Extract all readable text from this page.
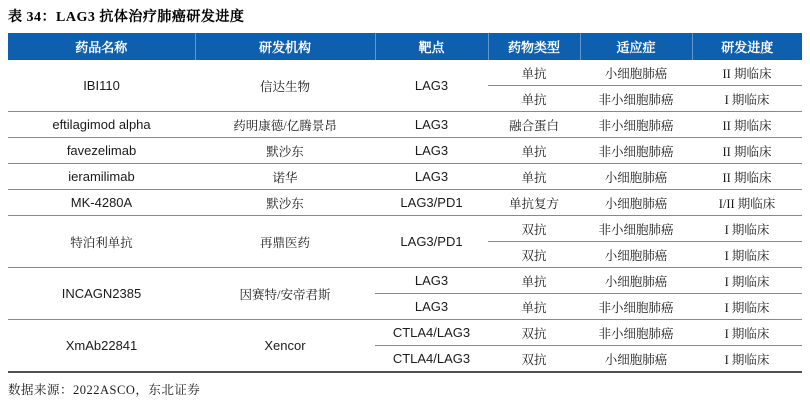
表 34：LAG3 抗体治疗肺癌研发进度
药品名称	研发机构	靶点	药物类型	适应症	研发进度
IBI110	信达生物	LAG3	单抗	小细胞肺癌	II 期临床
			单抗	非小细胞肺癌	I 期临床
eftilagimod alpha	药明康德/亿腾景昂	LAG3	融合蛋白	非小细胞肺癌	II 期临床
favezelimab	默沙东	LAG3	单抗	非小细胞肺癌	II 期临床
ieramilimab	诺华	LAG3	单抗	小细胞肺癌	II 期临床
MK-4280A	默沙东	LAG3/PD1	单抗复方	小细胞肺癌	I/II 期临床
特泊利单抗	再鼎医药	LAG3/PD1	双抗	非小细胞肺癌	I 期临床
			双抗	小细胞肺癌	I 期临床
INCAGN2385	因赛特/安帝君斯	LAG3	单抗	小细胞肺癌	I 期临床
		LAG3	单抗	非小细胞肺癌	I 期临床
XmAb22841	Xencor	CTLA4/LAG3	双抗	非小细胞肺癌	I 期临床
		CTLA4/LAG3	双抗	小细胞肺癌	I 期临床

数据来源：2022ASCO，东北证券
